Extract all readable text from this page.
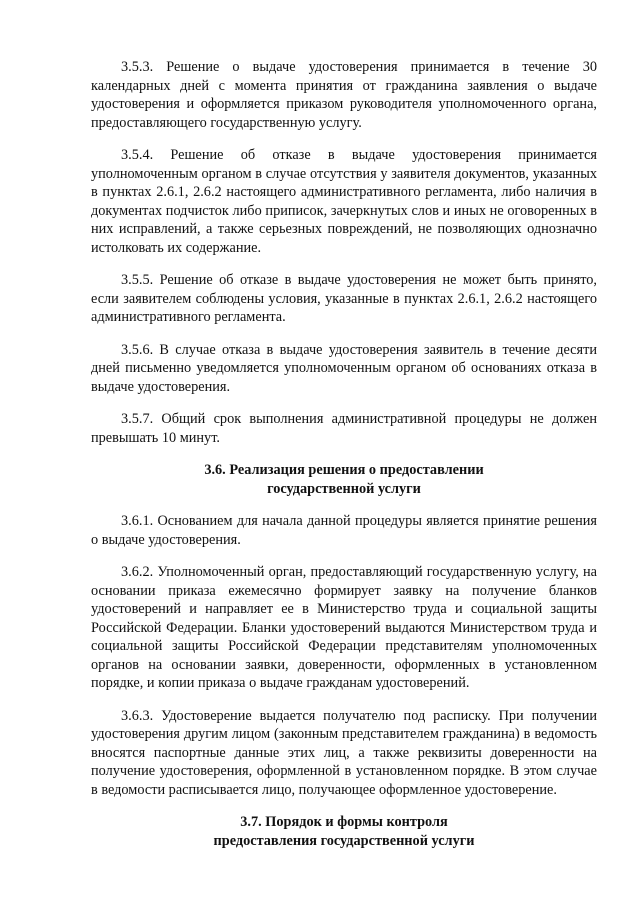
3.5.3. Решение о выдаче удостоверения принимается в течение 30 календарных дней с момента принятия от гражданина заявления о выдаче удостоверения и оформляется приказом руководителя уполномоченного органа, предоставляющего государственную услугу.

3.5.4. Решение об отказе в выдаче удостоверения принимается уполномоченным органом в случае отсутствия у заявителя документов, указанных в пунктах 2.6.1, 2.6.2 настоящего административного регламента, либо наличия в документах подчисток либо приписок, зачеркнутых слов и иных не оговоренных в них исправлений, а также серьезных повреждений, не позволяющих однозначно истолковать их содержание.

3.5.5. Решение об отказе в выдаче удостоверения не может быть принято, если заявителем соблюдены условия, указанные в пунктах 2.6.1, 2.6.2 настоящего административного регламента.

3.5.6. В случае отказа в выдаче удостоверения заявитель в течение десяти дней письменно уведомляется уполномоченным органом об основаниях отказа в выдаче удостоверения.

3.5.7. Общий срок выполнения административной процедуры не должен превышать 10 минут.

3.6. Реализация решения о предоставлении
государственной услуги

3.6.1. Основанием для начала данной процедуры является принятие решения о выдаче удостоверения.

3.6.2. Уполномоченный орган, предоставляющий государственную услугу, на основании приказа ежемесячно формирует заявку на получение бланков удостоверений и направляет ее в Министерство труда и социальной защиты Российской Федерации. Бланки удостоверений выдаются Министерством труда и социальной защиты Российской Федерации представителям уполномоченных органов на основании заявки, доверенности, оформленных в установленном порядке, и копии приказа о выдаче гражданам удостоверений.

3.6.3. Удостоверение выдается получателю под расписку. При получении удостоверения другим лицом (законным представителем гражданина) в ведомость вносятся паспортные данные этих лиц, а также реквизиты доверенности на получение удостоверения, оформленной в установленном порядке. В этом случае в ведомости расписывается лицо, получающее оформленное удостоверение.

3.7. Порядок и формы контроля
предоставления государственной услуги
